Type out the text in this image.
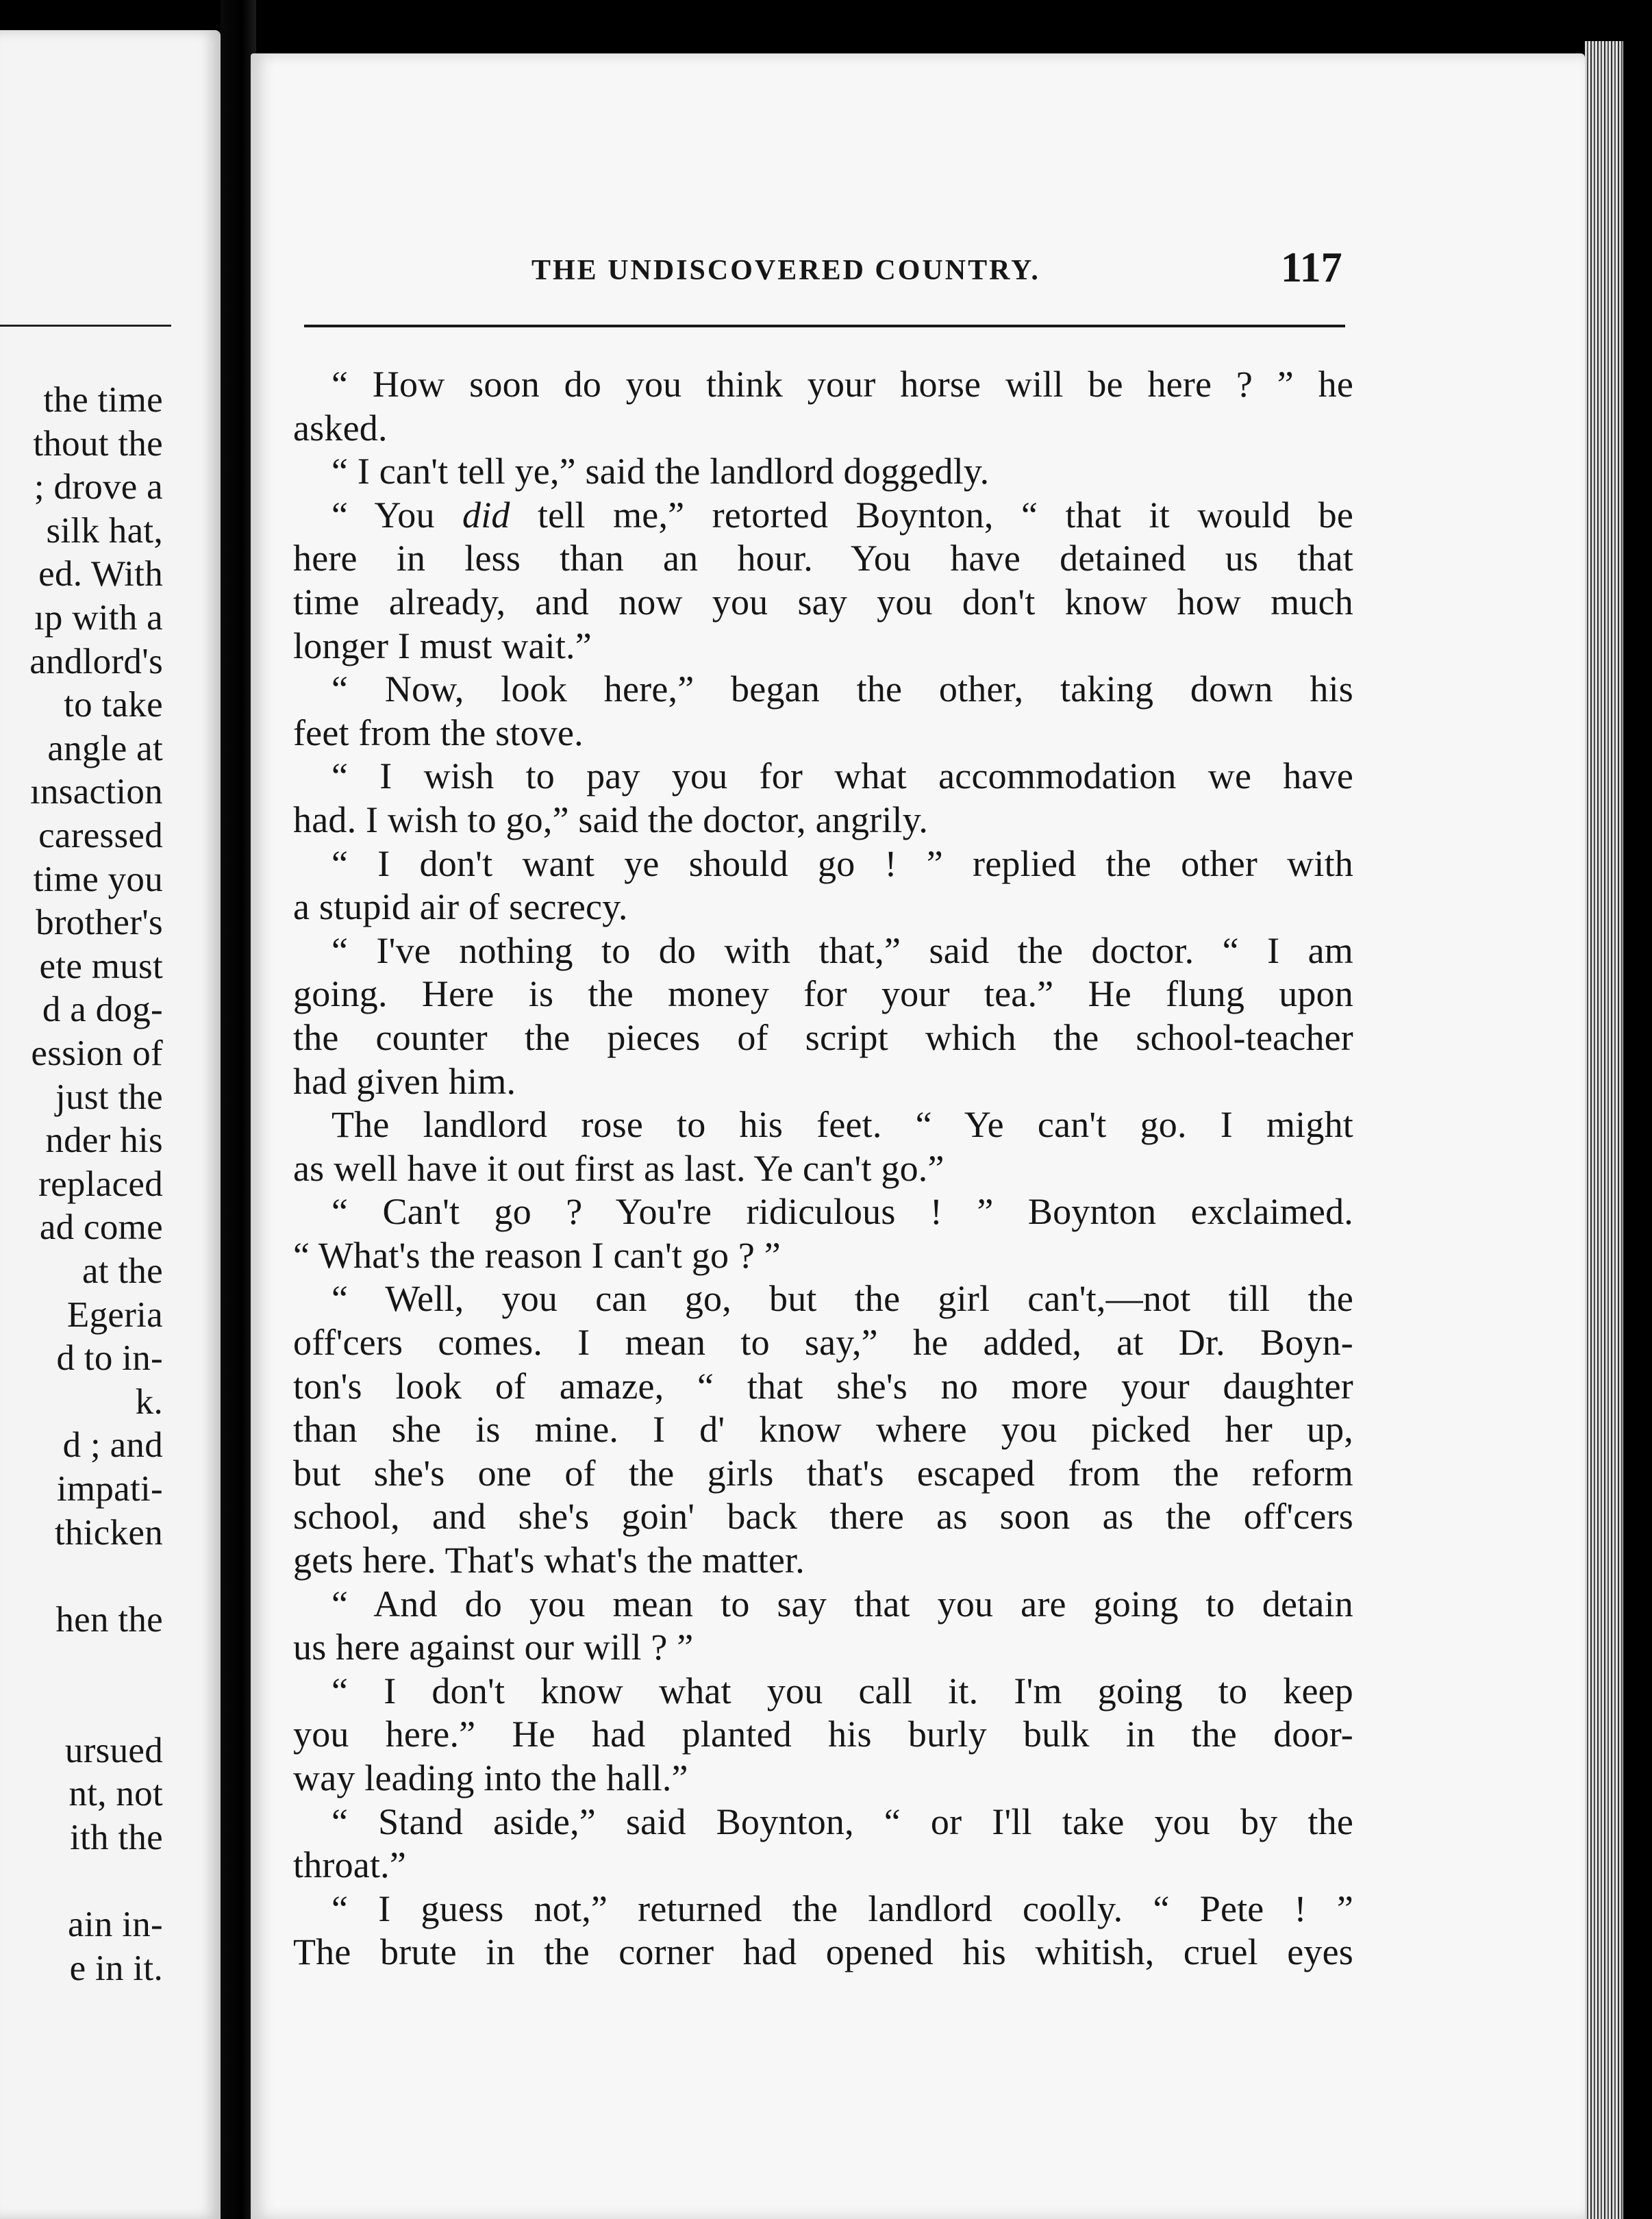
the time
thout the
; drove a
silk hat,
ed. With
ıp with a
andlord's
to take
angle at
ınsaction
caressed
time you
brother's
ete must
d a dog-
ession of
just the
nder his
replaced
ad come
at the
Egeria
d to in-
k.
d ; and
impati-
thicken
hen the
ursued
nt, not
ith the
ain in-
e in it.
THE UNDISCOVERED COUNTRY.	117
“ How soon do you think your horse will be here ? ” he
asked.
“ I can't tell ye,” said the landlord doggedly.
“ You did tell me,” retorted Boynton, “ that it would be
here in less than an hour. You have detained us that
time already, and now you say you don't know how much
longer I must wait.”
“ Now, look here,” began the other, taking down his
feet from the stove.
“ I wish to pay you for what accommodation we have
had. I wish to go,” said the doctor, angrily.
“ I don't want ye should go ! ” replied the other with
a stupid air of secrecy.
“ I've nothing to do with that,” said the doctor. “ I am
going. Here is the money for your tea.” He flung upon
the counter the pieces of script which the school-teacher
had given him.
The landlord rose to his feet. “ Ye can't go. I might
as well have it out first as last. Ye can't go.”
“ Can't go ? You're ridiculous ! ” Boynton exclaimed.
“ What's the reason I can't go ? ”
“ Well, you can go, but the girl can't,—not till the
off'cers comes. I mean to say,” he added, at Dr. Boyn-
ton's look of amaze, “ that she's no more your daughter
than she is mine. I d' know where you picked her up,
but she's one of the girls that's escaped from the reform
school, and she's goin' back there as soon as the off'cers
gets here. That's what's the matter.
“ And do you mean to say that you are going to detain
us here against our will ? ”
“ I don't know what you call it. I'm going to keep
you here.” He had planted his burly bulk in the door-
way leading into the hall.”
“ Stand aside,” said Boynton, “ or I'll take you by the
throat.”
“ I guess not,” returned the landlord coolly. “ Pete ! ”
The brute in the corner had opened his whitish, cruel eyes
